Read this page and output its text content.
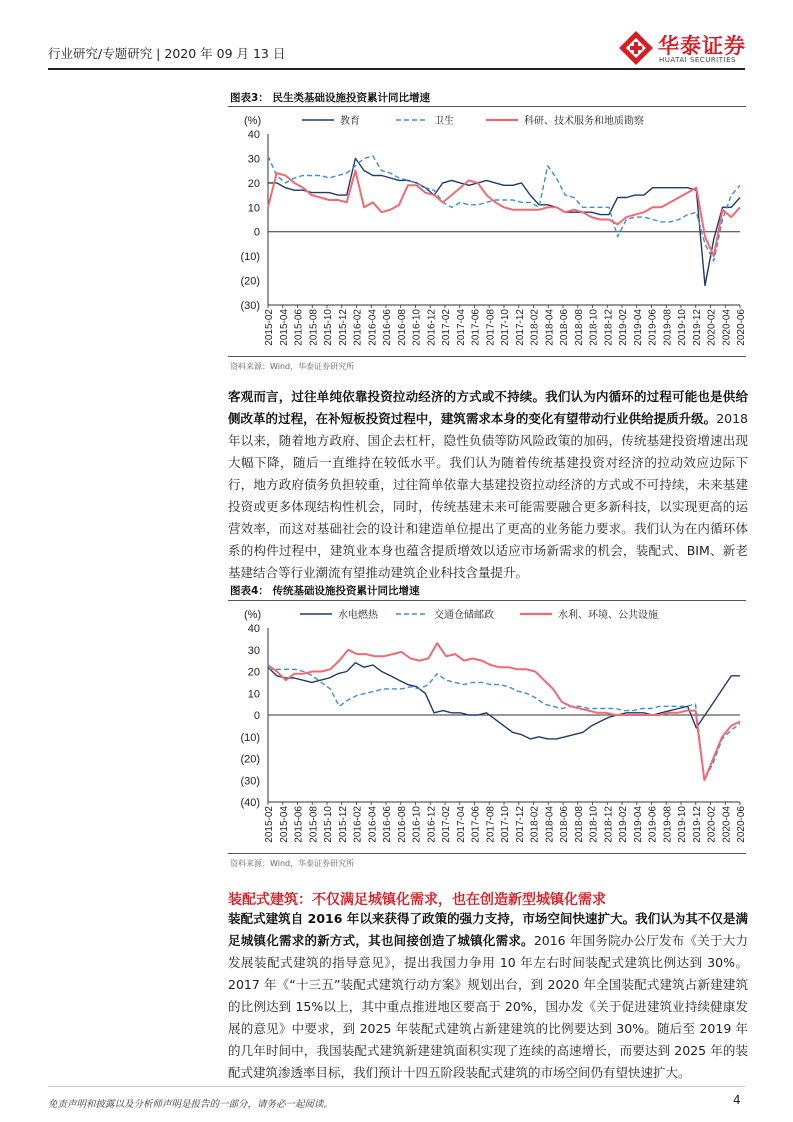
行业研究/专题研究 | 2020 年 09 月 13 日	华泰证券
HUATAI SECURITIES
图表3： 民生类基础设施投资累计同比增速
(%)
40
30
20
10
0
(10)
(20)
(30)
2015-02 2015-04 2015-06 2015-08 2015-10 2015-12 2016-02 2016-04 2016-06 2016-08 2016-10 2016-12 2017-02 2017-04 2017-06 2017-08 2017-10 2017-12 2018-02 2018-04 2018-06 2018-08 2018-10 2018-12 2019-02 2019-04 2019-06 2019-08 2019-10 2019-12 2020-02 2020-04 2020-06
教育	卫生	科研、技术服务和地质勘察
资料来源：Wind，华泰证券研究所

客观而言，过往单纯依靠投资拉动经济的方式或不持续。我们认为内循环的过程可能也是供给侧改革的过程，在补短板投资过程中，建筑需求本身的变化有望带动行业供给提质升级。2018 年以来，随着地方政府、国企去杠杆，隐性负债等防风险政策的加码，传统基建投资增速出现大幅下降，随后一直维持在较低水平。我们认为随着传统基建投资对经济的拉动效应边际下行，地方政府债务负担较重，过往简单依靠大基建投资拉动经济的方式或不可持续，未来基建投资或更多体现结构性机会，同时，传统基建未来可能需要融合更多新科技，以实现更高的运营效率，而这对基础社会的设计和建造单位提出了更高的业务能力要求。我们认为在内循环体系的构件过程中，建筑业本身也蕴含提质增效以适应市场新需求的机会，装配式、BIM、新老基建结合等行业潮流有望推动建筑企业科技含量提升。

图表4： 传统基础设施投资累计同比增速
(%)
40
30
20
10
0
(10)
(20)
(30)
(40)
2015-02 2015-04 2015-06 2015-08 2015-10 2015-12 2016-02 2016-04 2016-06 2016-08 2016-10 2016-12 2017-02 2017-04 2017-06 2017-08 2017-10 2017-12 2018-02 2018-04 2018-06 2018-08 2018-10 2018-12 2019-02 2019-04 2019-06 2019-08 2019-10 2019-12 2020-02 2020-04 2020-06
水电燃热	交通仓储邮政	水利、环境、公共设施
资料来源：Wind，华泰证券研究所
装配式建筑：不仅满足城镇化需求，也在创造新型城镇化需求

装配式建筑自 2016 年以来获得了政策的强力支持，市场空间快速扩大。我们认为其不仅是满足城镇化需求的新方式，其也间接创造了城镇化需求。2016 年国务院办公厅发布《关于大力发展装配式建筑的指导意见》，提出我国力争用 10 年左右时间装配式建筑比例达到 30%。2017 年《“十三五”装配式建筑行动方案》规划出台，到 2020 年全国装配式建筑占新建建筑的比例达到 15%以上，其中重点推进地区要高于 20%，国办发《关于促进建筑业持续健康发展的意见》中要求，到 2025 年装配式建筑占新建建筑的比例要达到 30%。随后至 2019 年的几年时间中，我国装配式建筑新建建筑面积实现了连续的高速增长，而要达到 2025 年的装配式建筑渗透率目标，我们预计十四五阶段装配式建筑的市场空间仍有望快速扩大。

免责声明和披露以及分析师声明是报告的一部分，请务必一起阅读。	4
